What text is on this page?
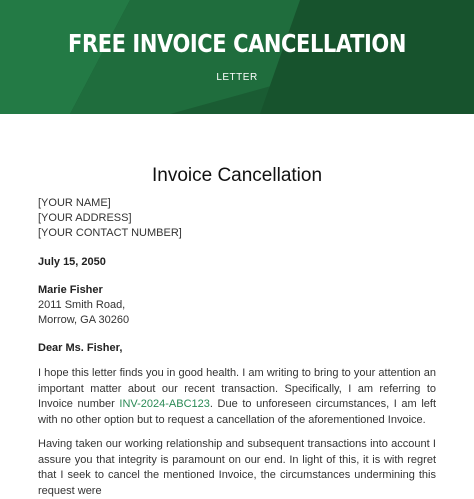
FREE INVOICE CANCELLATION
LETTER
Invoice Cancellation
[YOUR NAME]
[YOUR ADDRESS]
[YOUR CONTACT NUMBER]
July 15, 2050
Marie Fisher
2011 Smith Road,
Morrow, GA 30260
Dear Ms. Fisher,
I hope this letter finds you in good health. I am writing to bring to your attention an important matter about our recent transaction. Specifically, I am referring to Invoice number INV-2024-ABC123. Due to unforeseen circumstances, I am left with no other option but to request a cancellation of the aforementioned Invoice.
Having taken our working relationship and subsequent transactions into account I assure you that integrity is paramount on our end. In light of this, it is with regret that I seek to cancel the mentioned Invoice, the circumstances undermining this request were
